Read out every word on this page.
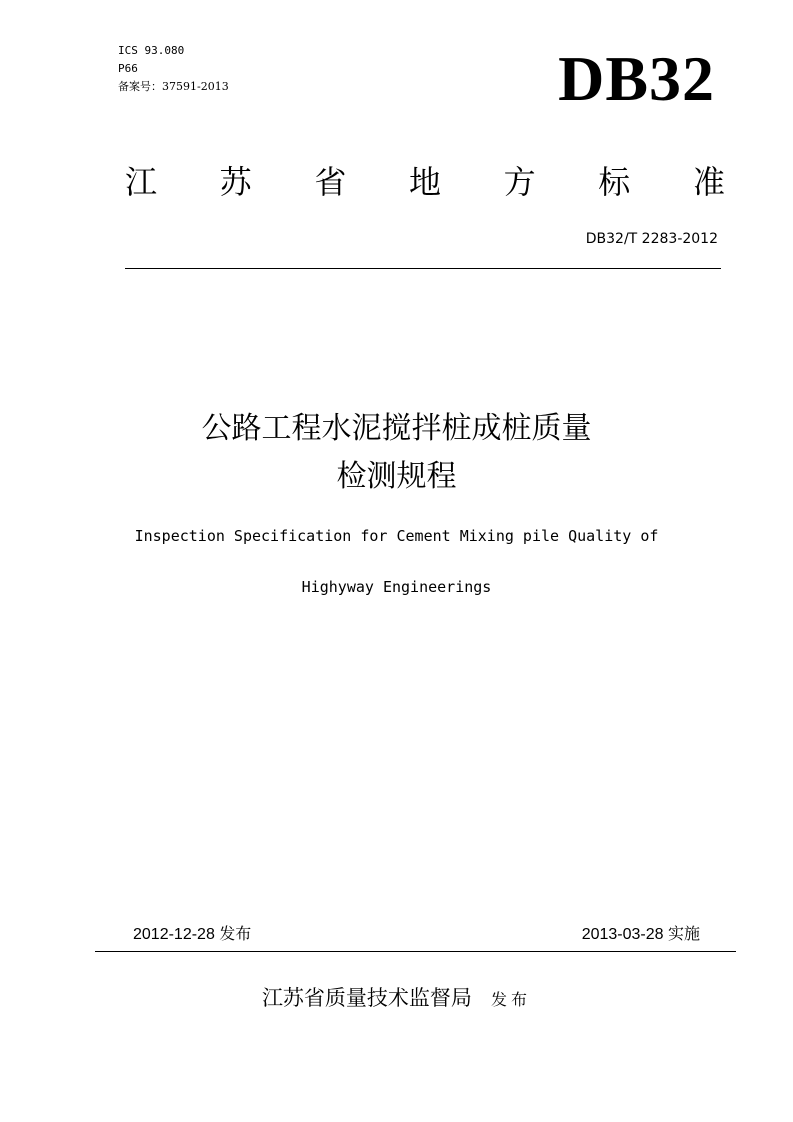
ICS 93.080
P66
备案号：37591-2013	DB32
江 苏 省 地 方 标 准
DB32/T 2283-2012
公路工程水泥搅拌桩成桩质量
检测规程
Inspection Specification for Cement Mixing pile Quality of
Highyway Engineerings
2012-12-28 发布	2013-03-28 实施
江苏省质量技术监督局 发布
